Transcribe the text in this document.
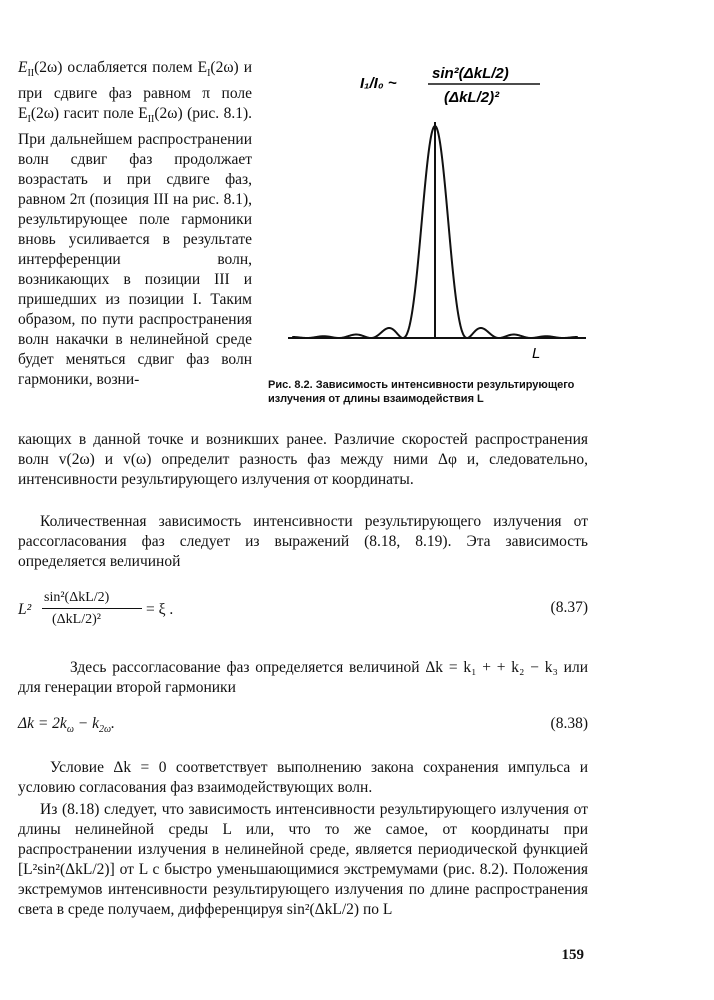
$E_{II}(2\omega)$ ослабляется полем $E_I(2\omega)$ и при сдвиге фаз равном π поле $E_I(2\omega)$ гасит поле $E_{II}(2\omega)$ (рис. 8.1). При дальнейшем распространении волн сдвиг фаз продолжает возрастать и при сдвиге фаз, равном 2π (позиция III на рис. 8.1), результирующее поле гармоники вновь усиливается в результате интерференции волн, возникающих в позиции III и пришедших из позиции I. Таким образом, по пути распространения волн накачки в нелинейной среде будет меняться сдвиг фаз волн гармоники, возни-

I₁/I₀ ~
sin²(ΔkL/2)
(ΔkL/2)²
L
Рис. 8.2. Зависимость интенсивности результирующего излучения от длины взаимодействия L

кающих в данной точке и возникших ранее. Различие скоростей распространения волн v(2ω) и v(ω) определит разность фаз между ними Δφ и, следовательно, интенсивности результирующего излучения от координаты.

Количественная зависимость интенсивности результирующего излучения от рассогласования фаз следует из выражений (8.18, 8.19). Эта зависимость определяется величиной

L²
sin²(ΔkL/2)
(ΔkL/2)²
= ξ .	(8.37)

Здесь рассогласование фаз определяется величиной Δk = k₁ + + k₂ − k₃ или для генерации второй гармоники

$\Delta k = 2k_\omega - k_{2\omega}$.	(8.38)

Условие Δk = 0 соответствует выполнению закона сохранения импульса и условию согласования фаз взаимодействующих волн.

Из (8.18) следует, что зависимость интенсивности результирующего излучения от длины нелинейной среды L или, что то же самое, от координаты при распространении излучения в нелинейной среде, является периодической функцией [L²sin²(ΔkL/2)] от L с быстро уменьшающимися экстремумами (рис. 8.2). Положения экстремумов интенсивности результирующего излучения по длине распространения света в среде получаем, дифференцируя sin²(ΔkL/2) по L

159
